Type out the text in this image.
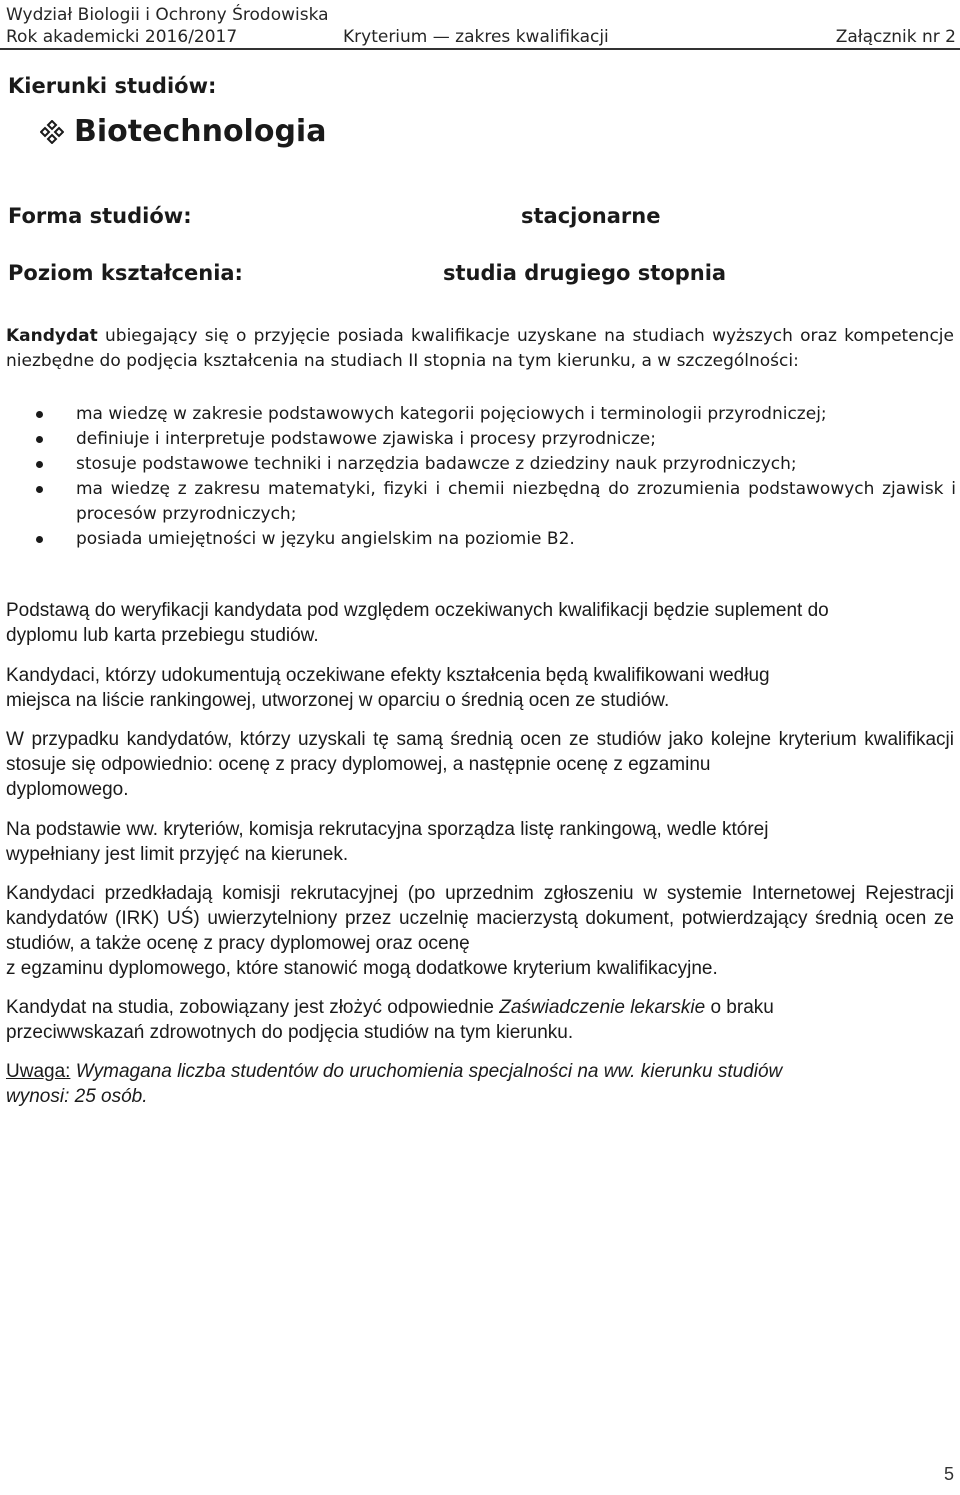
Wydział Biologii i Ochrony Środowiska
Rok akademicki 2016/2017	Kryterium — zakres kwalifikacji	Załącznik nr 2
Kierunki studiów:
Biotechnologia
Forma studiów:	stacjonarne
Poziom kształcenia:	studia drugiego stopnia
Kandydat ubiegający się o przyjęcie posiada kwalifikacje uzyskane na studiach wyższych oraz kompetencje niezbędne do podjęcia kształcenia na studiach II stopnia na tym kierunku, a w szczególności:
ma wiedzę w zakresie podstawowych kategorii pojęciowych i terminologii przyrodniczej;
definiuje i interpretuje podstawowe zjawiska i procesy przyrodnicze;
stosuje podstawowe techniki i narzędzia badawcze z dziedziny nauk przyrodniczych;
ma wiedzę z zakresu matematyki, fizyki i chemii niezbędną do zrozumienia podstawowych zjawisk i procesów przyrodniczych;
posiada umiejętności w języku angielskim na poziomie B2.
Podstawą do weryfikacji kandydata pod względem oczekiwanych kwalifikacji będzie suplement do
dyplomu lub karta przebiegu studiów.
Kandydaci, którzy udokumentują oczekiwane efekty kształcenia będą kwalifikowani według
miejsca na liście rankingowej, utworzonej w oparciu o średnią ocen ze studiów.
W przypadku kandydatów, którzy uzyskali tę samą średnią ocen ze studiów jako kolejne kryterium kwalifikacji stosuje się odpowiednio: ocenę z pracy dyplomowej, a następnie ocenę z egzaminu
dyplomowego.
Na podstawie ww. kryteriów, komisja rekrutacyjna sporządza listę rankingową, wedle której
wypełniany jest limit przyjęć na kierunek.
Kandydaci przedkładają komisji rekrutacyjnej (po uprzednim zgłoszeniu w systemie Internetowej Rejestracji kandydatów (IRK) UŚ) uwierzytelniony przez uczelnię macierzystą dokument, potwierdzający średnią ocen ze studiów, a także ocenę z pracy dyplomowej oraz ocenę
z egzaminu dyplomowego, które stanowić mogą dodatkowe kryterium kwalifikacyjne.
Kandydat na studia, zobowiązany jest złożyć odpowiednie Zaświadczenie lekarskie o braku
przeciwwskazań zdrowotnych do podjęcia studiów na tym kierunku.
Uwaga: Wymagana liczba studentów do uruchomienia specjalności na ww. kierunku studiów
wynosi: 25 osób.
5
